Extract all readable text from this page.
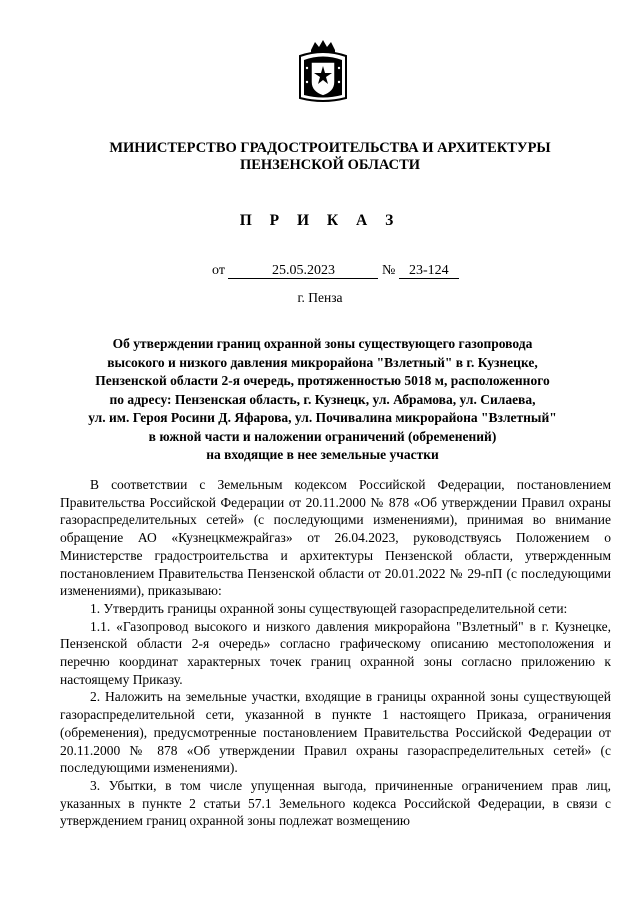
МИНИСТЕРСТВО ГРАДОСТРОИТЕЛЬСТВА И АРХИТЕКТУРЫ
ПЕНЗЕНСКОЙ ОБЛАСТИ
П Р И К А З
от	25.05.2023	№ 23-124
г. Пенза
Об утверждении границ охранной зоны существующего газопровода
высокого и низкого давления микрорайона "Взлетный" в г. Кузнецке,
Пензенской области 2-я очередь, протяженностью 5018 м, расположенного
по адресу: Пензенская область, г. Кузнецк, ул. Абрамова, ул. Силаева,
ул. им. Героя Росини Д. Яфарова, ул. Почивалина микрорайона "Взлетный"
в южной части и наложении ограничений (обременений)
на входящие в нее земельные участки

В соответствии с Земельным кодексом Российской Федерации, постановлением Правительства Российской Федерации от 20.11.2000 № 878 «Об утверждении Правил охраны газораспределительных сетей» (с последующими изменениями), принимая во внимание обращение АО «Кузнецкмежрайгаз» от 26.04.2023, руководствуясь Положением о Министерстве градостроительства и архитектуры Пензенской области, утвержденным постановлением Правительства Пензенской области от 20.01.2022 № 29-пП (с последующими изменениями), приказываю:

1. Утвердить границы охранной зоны существующей газораспределительной сети:

1.1. «Газопровод высокого и низкого давления микрорайона "Взлетный" в г. Кузнецке, Пензенской области 2-я очередь» согласно графическому описанию местоположения и перечню координат характерных точек границ охранной зоны согласно приложению к настоящему Приказу.

2. Наложить на земельные участки, входящие в границы охранной зоны существующей газораспределительной сети, указанной в пункте 1 настоящего Приказа, ограничения (обременения), предусмотренные постановлением Правительства Российской Федерации от 20.11.2000 № 878 «Об утверждении Правил охраны газораспределительных сетей» (с последующими изменениями).

3. Убытки, в том числе упущенная выгода, причиненные ограничением прав лиц, указанных в пункте 2 статьи 57.1 Земельного кодекса Российской Федерации, в связи с утверждением границ охранной зоны подлежат возмещению
